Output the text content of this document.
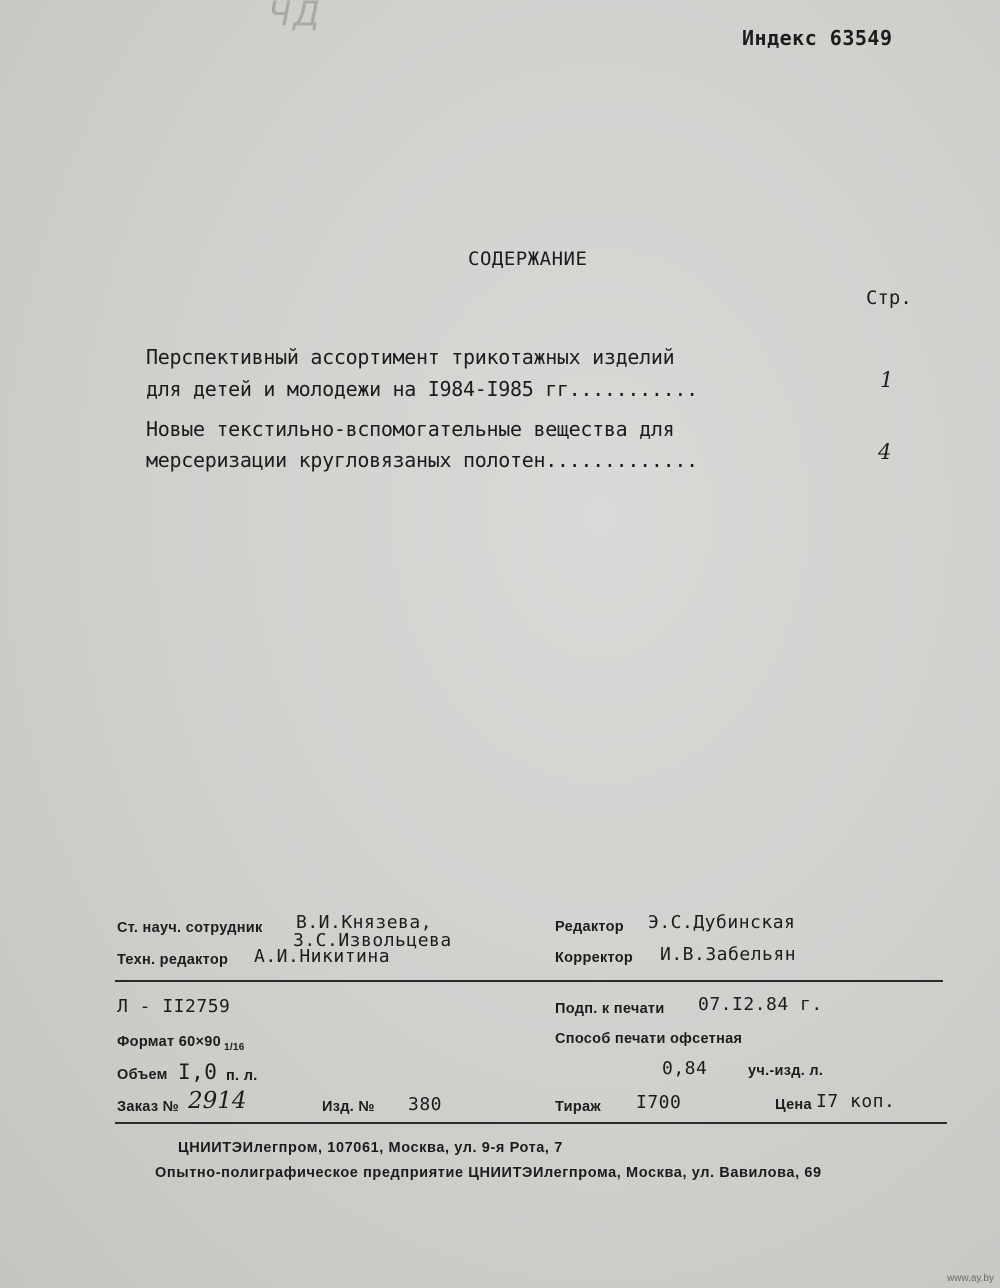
ЧД
Индекс 63549
СОДЕРЖАНИЕ
Стр.
Перспективный ассортимент трикотажных изделий
для детей и молодежи на I984-I985 гг...........	1
Новые текстильно-вспомогательные вещества для
мерсеризации кругловязаных полотен.............	4
Ст. науч. сотрудник В.И.Князева,
З.С.Извольцева
Техн. редактор А.И.Никитина
Редактор Э.С.Дубинская
Корректор И.В.Забельян
Л - II2759	Подп. к печати 07.I2.84 г.
Формат 60×90 $_{1/16}$
Способ печати офсетная
Объем I,0 п. л.	0,84	уч.-изд. л.
Заказ № 2914	Изд. № 380	Тираж I700	Цена I7 коп.
ЦНИИТЭИлегпром, 107061, Москва, ул. 9-я Рота, 7
Опытно-полиграфическое предприятие ЦНИИТЭИлегпрома, Москва, ул. Вавилова, 69
www.ay.by
